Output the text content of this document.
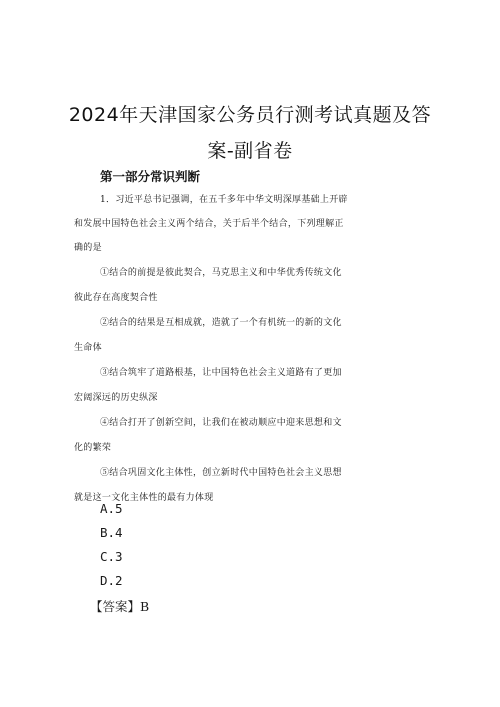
2024年天津国家公务员行测考试真题及答
案-副省卷
第一部分常识判断
1．习近平总书记强调，在五千多年中华文明深厚基础上开辟
和发展中国特色社会主义两个结合，关于后半个结合，下列理解正
确的是
①结合的前提是彼此契合，马克思主义和中华优秀传统文化
彼此存在高度契合性
②结合的结果是互相成就，造就了一个有机统一的新的文化
生命体
③结合筑牢了道路根基，让中国特色社会主义道路有了更加
宏阔深远的历史纵深
④结合打开了创新空间，让我们在被动顺应中迎来思想和文
化的繁荣
⑤结合巩固文化主体性，创立新时代中国特色社会主义思想
就是这一文化主体性的最有力体现
A.5
B.4
C.3
D.2
【答案】B
